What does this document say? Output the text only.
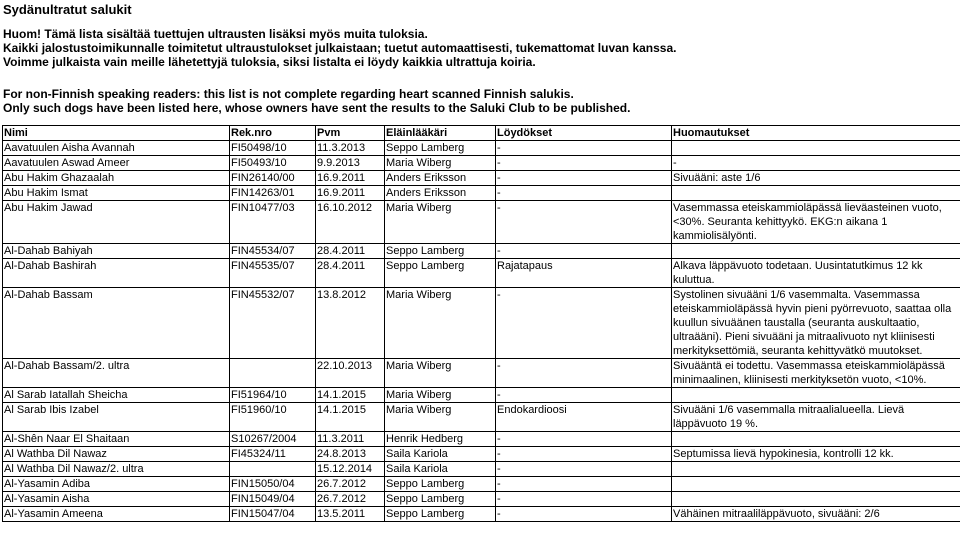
Sydänultratut salukit

Huom! Tämä lista sisältää tuettujen ultrausten lisäksi myös muita tuloksia.

Kaikki jalostustoimikunnalle toimitetut ultraustulokset julkaistaan; tuetut automaattisesti, tukemattomat luvan kanssa.

Voimme julkaista vain meille lähetettyjä tuloksia, siksi listalta ei löydy kaikkia ultrattuja koiria.

For non-Finnish speaking readers: this list is not complete regarding heart scanned Finnish salukis.

Only such dogs have been listed here, whose owners have sent the results to the Saluki Club to be published.

Nimi	Rek.nro	Pvm	Eläinlääkäri	Löydökset	Huomautukset
Aavatuulen Aisha Avannah	FI50498/10	11.3.2013	Seppo Lamberg	-	
Aavatuulen Aswad Ameer	FI50493/10	9.9.2013	Maria Wiberg	-	-
Abu Hakim Ghazaalah	FIN26140/00	16.9.2011	Anders Eriksson	-	Sivuääni: aste 1/6
Abu Hakim Ismat	FIN14263/01	16.9.2011	Anders Eriksson	-	
Abu Hakim Jawad	FIN10477/03	16.10.2012	Maria Wiberg	-	Vasemmassa eteiskammioläpässä lieväasteinen vuoto, <30%. Seuranta kehittyykö. EKG:n aikana 1 kammiolisälyönti.
Al-Dahab Bahiyah	FIN45534/07	28.4.2011	Seppo Lamberg	-	
Al-Dahab Bashirah	FIN45535/07	28.4.2011	Seppo Lamberg	Rajatapaus	Alkava läppävuoto todetaan. Uusintatutkimus 12 kk kuluttua.
Al-Dahab Bassam	FIN45532/07	13.8.2012	Maria Wiberg	-	Systolinen sivuääni 1/6 vasemmalta. Vasemmassa eteiskammioläpässä hyvin pieni pyörrevuoto, saattaa olla kuullun sivuäänen taustalla (seuranta auskultaatio, ultraääni). Pieni sivuääni ja mitraalivuoto nyt kliinisesti merkityksettömiä, seuranta kehittyvätkö muutokset.
Al-Dahab Bassam/2. ultra		22.10.2013	Maria Wiberg	-	Sivuääntä ei todettu. Vasemmassa eteiskammioläpässä minimaalinen, kliinisesti merkityksetön vuoto, <10%.
Al Sarab Iatallah Sheicha	FI51964/10	14.1.2015	Maria Wiberg	-	
Al Sarab Ibis Izabel	FI51960/10	14.1.2015	Maria Wiberg	Endokardioosi	Sivuääni 1/6 vasemmalla mitraalialueella. Lievä läppävuoto 19 %.
Al-Shên Naar El Shaitaan	S10267/2004	11.3.2011	Henrik Hedberg	-	
Al Wathba Dil Nawaz	FI45324/11	24.8.2013	Saila Kariola	-	Septumissa lievä hypokinesia, kontrolli 12 kk.
Al Wathba Dil Nawaz/2. ultra		15.12.2014	Saila Kariola	-	
Al-Yasamin Adiba	FIN15050/04	26.7.2012	Seppo Lamberg	-	
Al-Yasamin Aisha	FIN15049/04	26.7.2012	Seppo Lamberg	-	
Al-Yasamin Ameena	FIN15047/04	13.5.2011	Seppo Lamberg	-	Vähäinen mitraaliläppävuoto, sivuääni: 2/6
